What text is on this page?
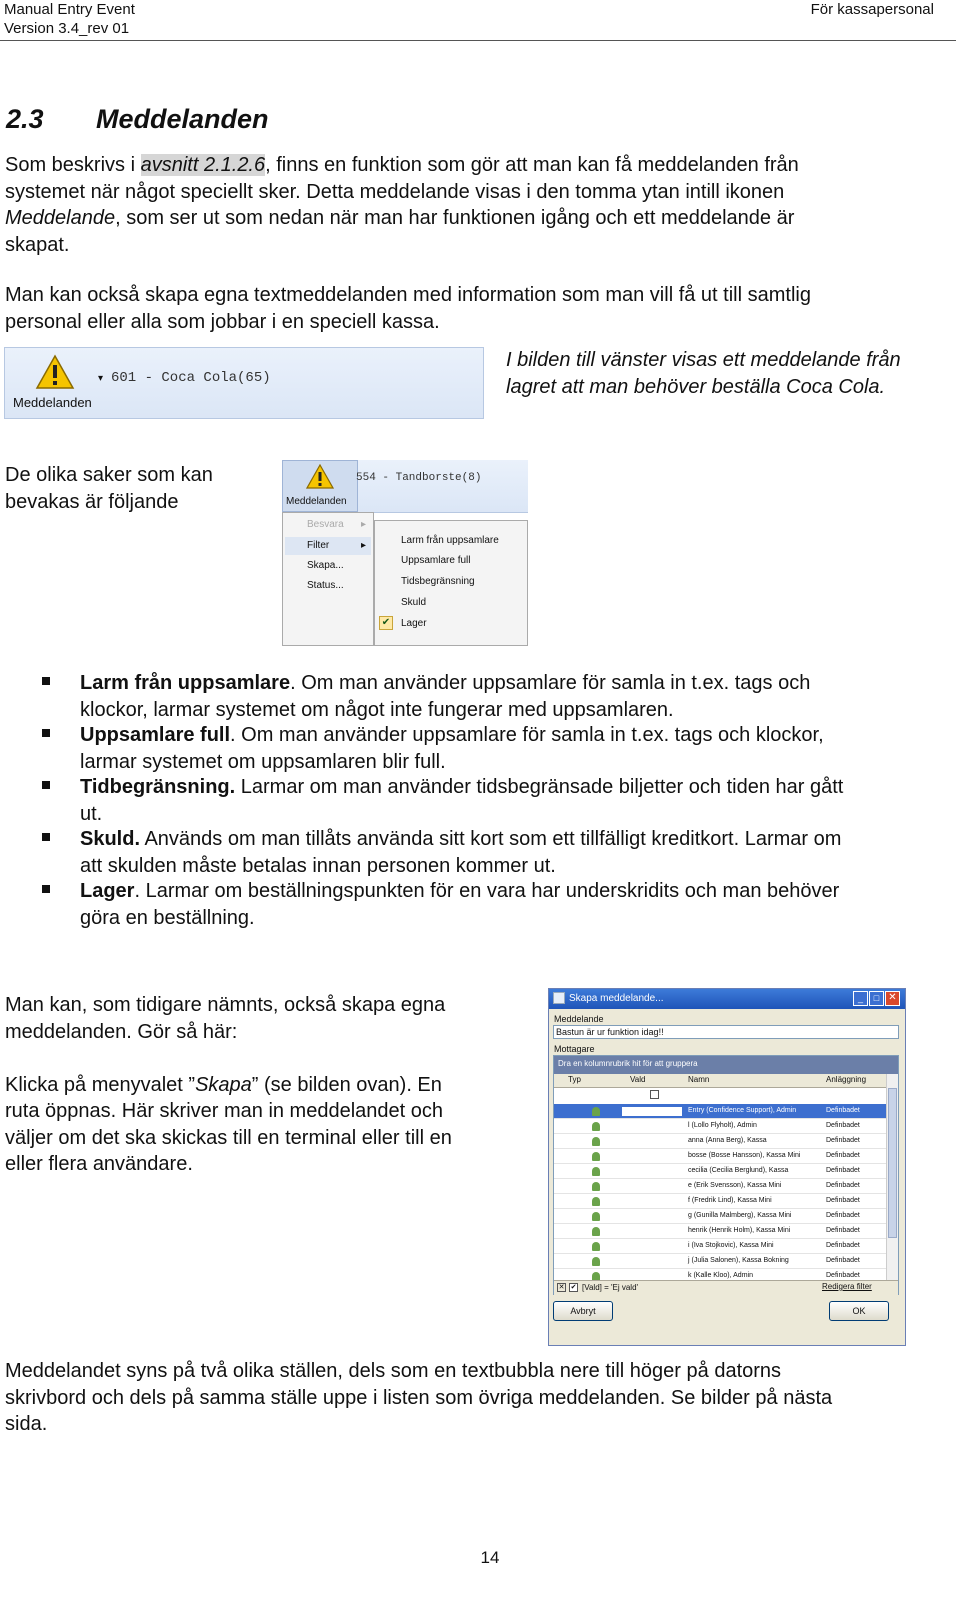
Manual Entry Event
Version 3.4_rev 01
För kassapersonal
2.3 Meddelanden
Som beskrivs i avsnitt 2.1.2.6, finns en funktion som gör att man kan få meddelanden från
systemet när något speciellt sker. Detta meddelande visas i den tomma ytan intill ikonen
Meddelande, som ser ut som nedan när man har funktionen igång och ett meddelande är
skapat.
Man kan också skapa egna textmeddelanden med information som man vill få ut till samtlig
personal eller alla som jobbar i en speciell kassa.
Meddelanden
▾ 601 - Coca Cola(65)
I bilden till vänster visas ett meddelande från
lagret att man behöver beställa Coca Cola.
De olika saker som kan
bevakas är följande	Meddelanden
554 - Tandborste(8)
Besvara ▸
Filter	▸
Skapa...
Status...
Larm från uppsamlare
Uppsamlare full
Tidsbegränsning
Skuld
✔ Lager
Larm från uppsamlare. Om man använder uppsamlare för samla in t.ex. tags och
klockor, larmar systemet om något inte fungerar med uppsamlaren.
Uppsamlare full. Om man använder uppsamlare för samla in t.ex. tags och klockor,
larmar systemet om uppsamlaren blir full.
Tidbegränsning. Larmar om man använder tidsbegränsade biljetter och tiden har gått
ut.
Skuld. Används om man tillåts använda sitt kort som ett tillfälligt kreditkort. Larmar om
att skulden måste betalas innan personen kommer ut.
Lager. Larmar om beställningspunkten för en vara har underskridits och man behöver
göra en beställning.
Man kan, som tidigare nämnts, också skapa egna
meddelanden. Gör så här:
Klicka på menyvalet ”Skapa” (se bilden ovan). En
ruta öppnas. Här skriver man in meddelandet och
väljer om det ska skickas till en terminal eller till en
eller flera användare.
Skapa meddelande...	_	□ ✕
Meddelande
Bastun är ur funktion idag!!
Mottagare
Dra en kolumnrubrik hit för att gruppera
Typ	Vald	Namn	Anläggning
Entry (Confidence Support), Admin	Definbadet
l (Lollo Flyholt), Admin	Definbadet
anna (Anna Berg), Kassa	Definbadet
bosse (Bosse Hansson), Kassa Mini	Definbadet
cecilia (Cecilia Berglund), Kassa	Definbadet
e (Erik Svensson), Kassa Mini	Definbadet
f (Fredrik Lind), Kassa Mini	Definbadet
g (Gunilla Malmberg), Kassa Mini	Definbadet
henrik (Henrik Holm), Kassa Mini	Definbadet
i (Iva Stojkovic), Kassa Mini	Definbadet
j (Julia Salonen), Kassa Bokning	Definbadet
k (Kalle Kloo), Admin	Definbadet
✕ ✔ [Vald] = 'Ej vald'	Redigera filter
Avbryt	OK
Meddelandet syns på två olika ställen, dels som en textbubbla nere till höger på datorns
skrivbord och dels på samma ställe uppe i listen som övriga meddelanden. Se bilder på nästa
sida.
14
